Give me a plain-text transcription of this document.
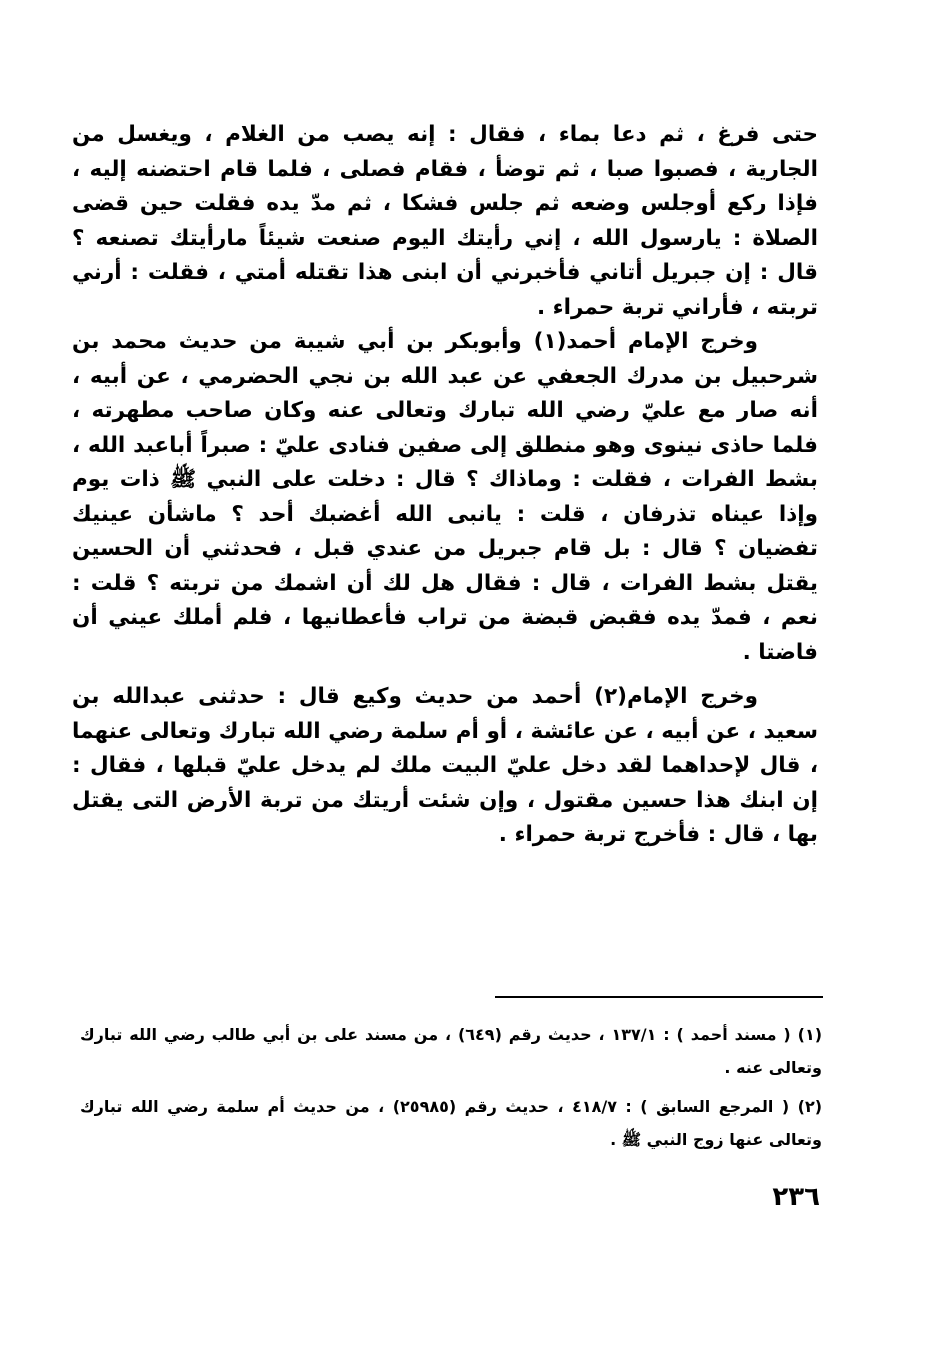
حتى فرغ ، ثم دعا بماء ، فقال : إنه يصب من الغلام ، ويغسل من الجارية ، فصبوا صبا ، ثم توضأ ، فقام فصلى ، فلما قام احتضنه إليه ، فإذا ركع أوجلس وضعه ثم جلس فشكا ، ثم مدّ يده فقلت حين قضى الصلاة : يارسول الله ، إني رأيتك اليوم صنعت شيئاً مارأيتك تصنعه ؟ قال : إن جبريل أتاني فأخبرني أن ابنى هذا تقتله أمتي ، فقلت : أرني تربته ، فأراني تربة حمراء .

وخرج الإمام أحمد(١) وأبوبكر بن أبي شيبة من حديث محمد بن شرحبيل بن مدرك الجعفي عن عبد الله بن نجي الحضرمي ، عن أبيه ، أنه صار مع عليّ رضي الله تبارك وتعالى عنه وكان صاحب مطهرته ، فلما حاذى نينوى وهو منطلق إلى صفين فنادى عليّ : صبراً أباعبد الله ، بشط الفرات ، فقلت : وماذاك ؟ قال : دخلت على النبي ﷺ ذات يوم وإذا عيناه تذرفان ، قلت : يانبى الله أغضبك أحد ؟ ماشأن عينيك تفضيان ؟ قال : بل قام جبريل من عندي قبل ، فحدثني أن الحسين يقتل بشط الفرات ، قال : فقال هل لك أن اشمك من تربته ؟ قلت : نعم ، فمدّ يده فقبض قبضة من تراب فأعطانيها ، فلم أملك عيني أن فاضتا .

وخرج الإمام(٢) أحمد من حديث وكيع قال : حدثنى عبدالله بن سعيد ، عن أبيه ، عن عائشة ، أو أم سلمة رضي الله تبارك وتعالى عنهما ، قال لإحداهما لقد دخل عليّ البيت ملك لم يدخل عليّ قبلها ، فقال : إن ابنك هذا حسين مقتول ، وإن شئت أريتك من تربة الأرض التى يقتل بها ، قال : فأخرج تربة حمراء .

(١) ( مسند أحمد ) : ١٣٧/١ ، حديث رقم (٦٤٩) ، من مسند على بن أبي طالب رضي الله تبارك وتعالى عنه .

(٢) ( المرجع السابق ) : ٤١٨/٧ ، حديث رقم (٢٥٩٨٥) ، من حديث أم سلمة رضي الله تبارك وتعالى عنها زوج النبي ﷺ .

٢٣٦
